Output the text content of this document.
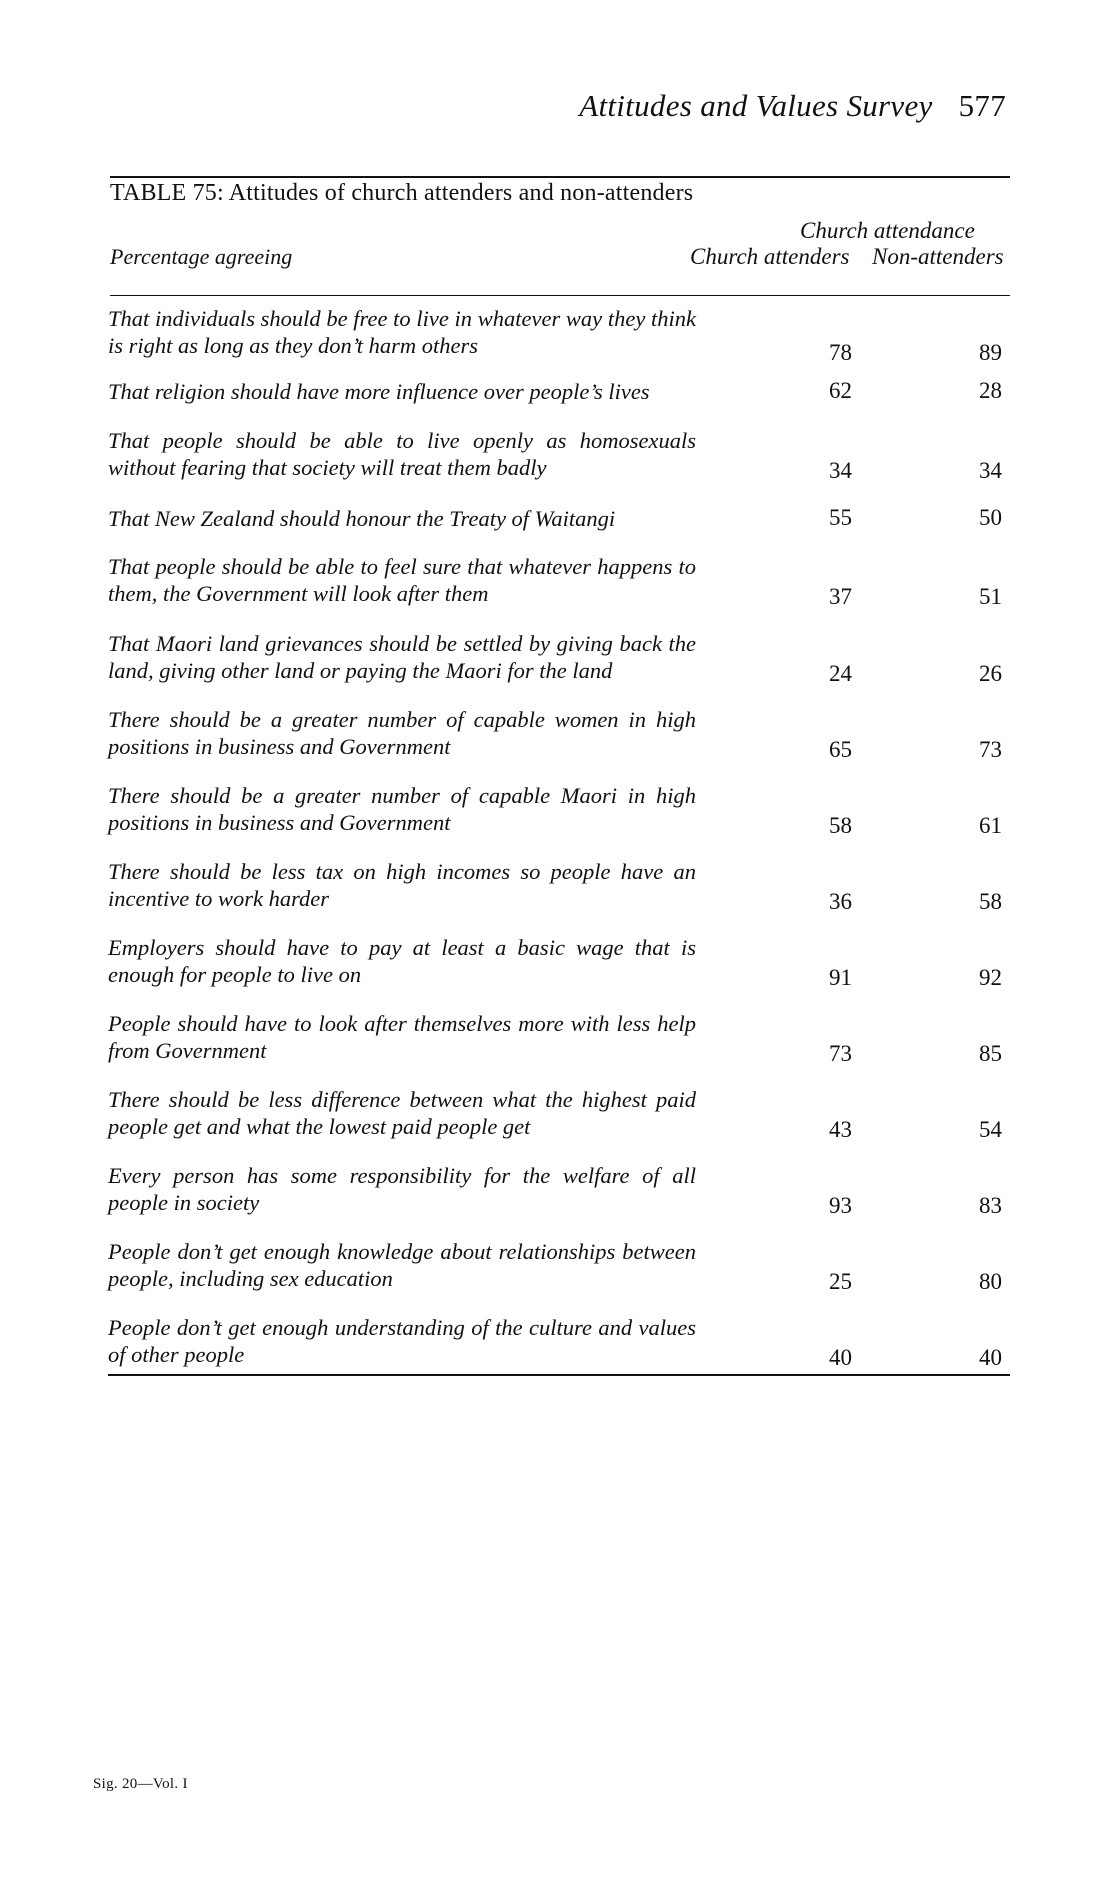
Attitudes and Values Survey 577
TABLE 75: Attitudes of church attenders and non-attenders
Church attendance
Percentage agreeing	Church attenders Non-attenders
That individuals should be free to live in whatever way they think is right as long as they don’t harm others	78	89
That religion should have more influence over people’s lives	62	28
That people should be able to live openly as homosexuals without fearing that society will treat them badly	34	34
That New Zealand should honour the Treaty of Waitangi	55	50
That people should be able to feel sure that whatever happens to them, the Government will look after them	37	51
That Maori land grievances should be settled by giving back the land, giving other land or paying the Maori for the land	24	26
There should be a greater number of capable women in high positions in business and Government	65	73
There should be a greater number of capable Maori in high positions in business and Government	58	61
There should be less tax on high incomes so people have an incentive to work harder	36	58
Employers should have to pay at least a basic wage that is enough for people to live on	91	92
People should have to look after themselves more with less help from Government	73	85
There should be less difference between what the highest paid people get and what the lowest paid people get	43	54
Every person has some responsibility for the welfare of all people in society	93	83
People don’t get enough knowledge about relationships between people, including sex education	25	80
People don’t get enough understanding of the culture and values of other people	40	40
Sig. 20—Vol. I
